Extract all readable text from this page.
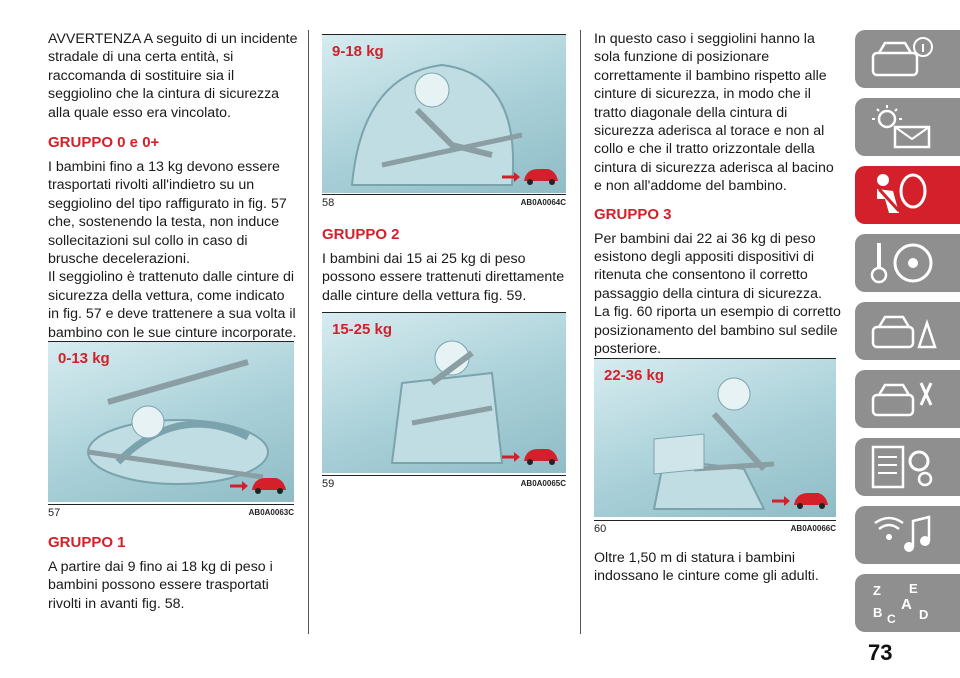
AVVERTENZA A seguito di un incidente stradale di una certa entità, si raccomanda di sostituire sia il seggiolino che la cintura di sicurezza alla quale esso era vincolato.

GRUPPO 0 e 0+

I bambini fino a 13 kg devono essere trasportati rivolti all'indietro su un seggiolino del tipo raffigurato in fig. 57 che, sostenendo la testa, non induce sollecitazioni sul collo in caso di brusche decelerazioni.

Il seggiolino è trattenuto dalle cinture di sicurezza della vettura, come indicato in fig. 57 e deve trattenere a sua volta il bambino con le sue cinture incorporate.

0-13 kg
57	AB0A0063C
GRUPPO 1

A partire dai 9 fino ai 18 kg di peso i bambini possono essere trasportati rivolti in avanti fig. 58.

9-18 kg
58	AB0A0064C
GRUPPO 2

I bambini dai 15 ai 25 kg di peso possono essere trattenuti direttamente dalle cinture della vettura fig. 59.

15-25 kg
59	AB0A0065C

In questo caso i seggiolini hanno la sola funzione di posizionare correttamente il bambino rispetto alle cinture di sicurezza, in modo che il tratto diagonale della cintura di sicurezza aderisca al torace e non al collo e che il tratto orizzontale della cintura di sicurezza aderisca al bacino e non all'addome del bambino.

GRUPPO 3

Per bambini dai 22 ai 36 kg di peso esistono degli appositi dispositivi di ritenuta che consentono il corretto passaggio della cintura di sicurezza.

La fig. 60 riporta un esempio di corretto posizionamento del bambino sul sedile posteriore.

22-36 kg
60	AB0A0066C

Oltre 1,50 m di statura i bambini indossano le cinture come gli adulti.

Z E
B C
A
D
73
